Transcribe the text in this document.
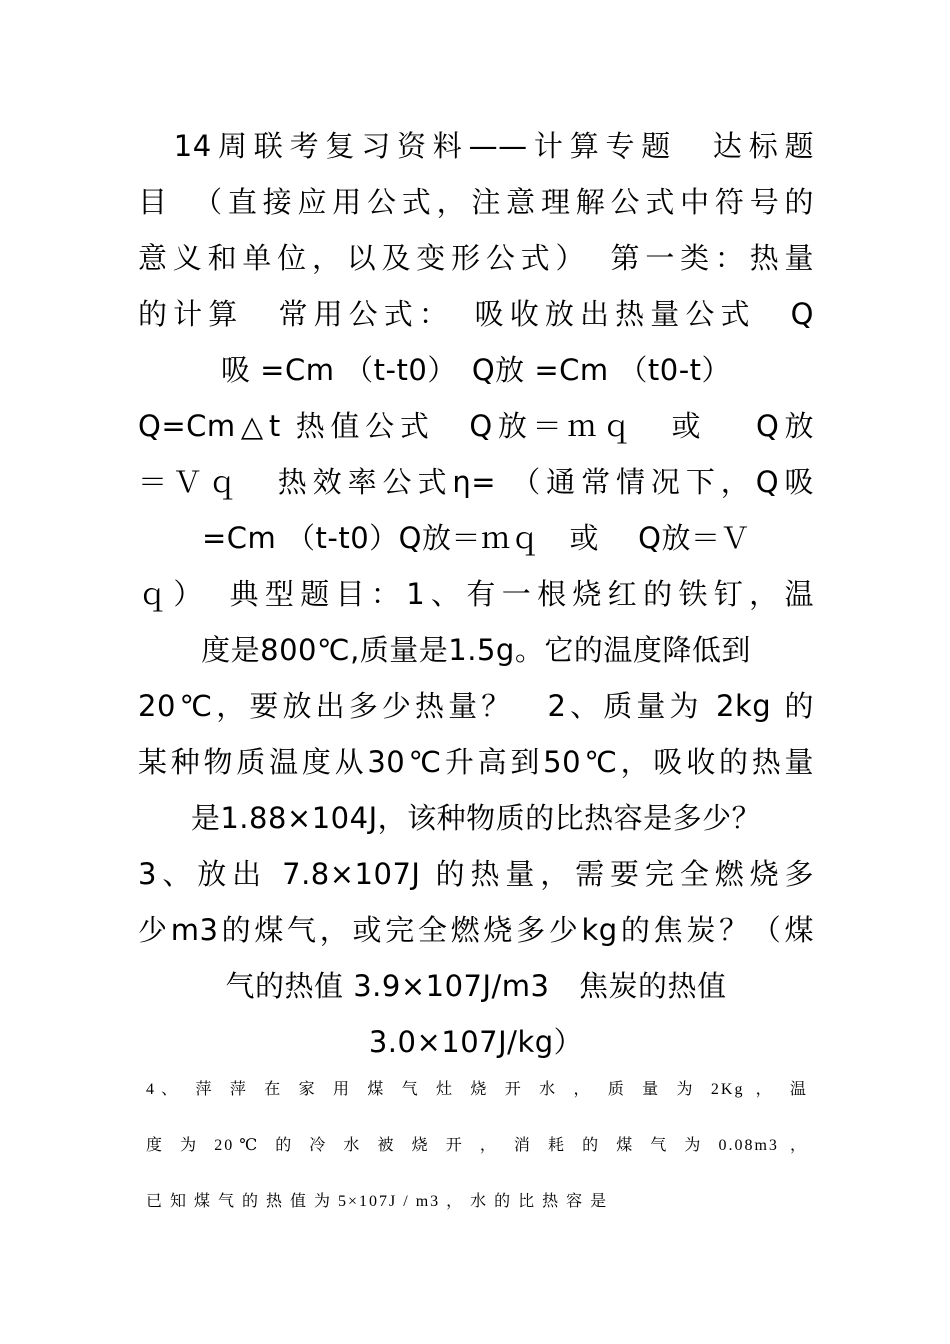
　14周联考复习资料——计算专题　达标题
目　（直接应用公式，注意理解公式中符号的
意义和单位，以及变形公式）　第一类：热量
的计算　常用公式：　吸收放出热量公式　Q
吸 =Cm （t-t0）　Q放 =Cm （t0-t）
Q=Cm△t 热值公式　Q放＝ｍｑ　或　 Q放
＝Ｖｑ　热效率公式η= （通常情况下，Q吸
=Cm （t-t0）Q放＝ｍｑ　或　 Q放＝Ｖ
ｑ）　典型题目：1、有一根烧红的铁钉，温
度是800℃,质量是1.5g。它的温度降低到
20℃，要放出多少热量？　2、质量为 2kg 的
某种物质温度从30℃升高到50℃，吸收的热量
是1.88×104J，该种物质的比热容是多少？
3、放出 7.8×107J 的热量，需要完全燃烧多
少m3的煤气，或完全燃烧多少kg的焦炭？（煤
气的热值 3.9×107J/m3　焦炭的热值
3.0×107J/kg）
4、 萍 萍 在 家 用 煤 气 灶 烧 开 水 ， 质 量 为 2Kg ， 温
度 为 20℃ 的 冷 水 被 烧 开 ， 消 耗 的 煤 气 为 0.08m3 ，
已 知 煤 气 的 热 值 为 5×107J / m3 ， 水 的 比 热 容 是
